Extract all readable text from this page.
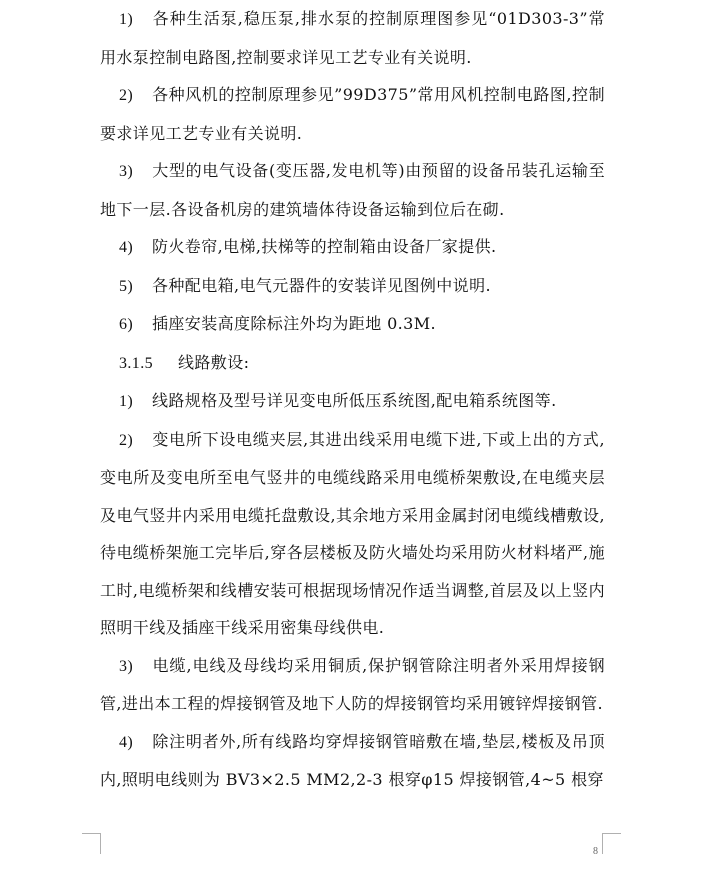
1) 各种生活泵,稳压泵,排水泵的控制原理图参见“01D303-3”常用水泵控制电路图,控制要求详见工艺专业有关说明.

2) 各种风机的控制原理参见”99D375”常用风机控制电路图,控制要求详见工艺专业有关说明.

3) 大型的电气设备(变压器,发电机等)由预留的设备吊装孔运输至地下一层.各设备机房的建筑墙体待设备运输到位后在砌.

4) 防火卷帘,电梯,扶梯等的控制箱由设备厂家提供.

5) 各种配电箱,电气元器件的安装详见图例中说明.

6) 插座安装高度除标注外均为距地 0.3M.

3.1.5 线路敷设:

1) 线路规格及型号详见变电所低压系统图,配电箱系统图等.

2) 变电所下设电缆夹层,其进出线采用电缆下进,下或上出的方式,变电所及变电所至电气竖井的电缆线路采用电缆桥架敷设,在电缆夹层及电气竖井内采用电缆托盘敷设,其余地方采用金属封闭电缆线槽敷设,待电缆桥架施工完毕后,穿各层楼板及防火墙处均采用防火材料堵严,施工时,电缆桥架和线槽安装可根据现场情况作适当调整,首层及以上竖内照明干线及插座干线采用密集母线供电.

3) 电缆,电线及母线均采用铜质,保护钢管除注明者外采用焊接钢管,进出本工程的焊接钢管及地下人防的焊接钢管均采用镀锌焊接钢管.

4) 除注明者外,所有线路均穿焊接钢管暗敷在墙,垫层,楼板及吊顶内,照明电线则为 BV3×2.5 MM2,2-3 根穿φ15 焊接钢管,4~5 根穿

8
